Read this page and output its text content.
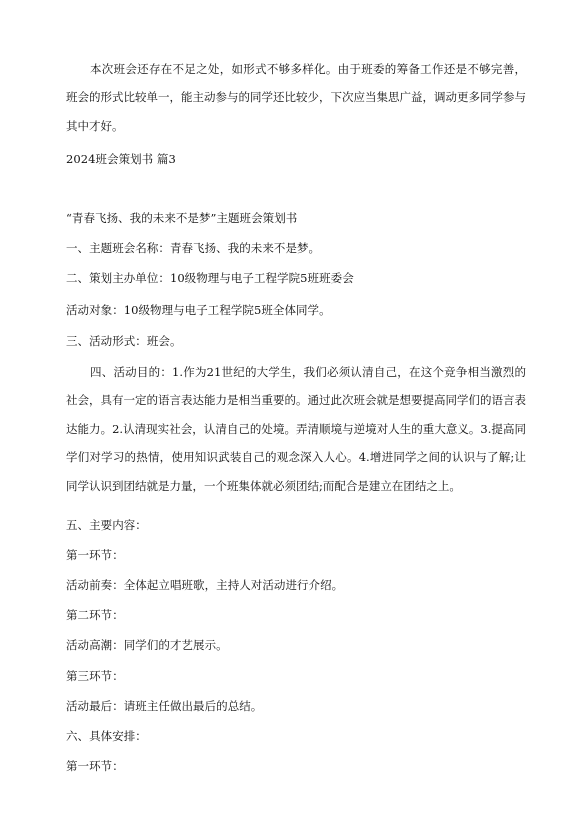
本次班会还存在不足之处，如形式不够多样化。由于班委的筹备工作还是不够完善，班会的形式比较单一，能主动参与的同学还比较少，下次应当集思广益，调动更多同学参与其中才好。
2024班会策划书 篇3
“青春飞扬、我的未来不是梦”主题班会策划书
一、主题班会名称：青春飞扬、我的未来不是梦。
二、策划主办单位：10级物理与电子工程学院5班班委会
活动对象：10级物理与电子工程学院5班全体同学。
三、活动形式：班会。
四、活动目的：1.作为21世纪的大学生，我们必须认清自己，在这个竞争相当激烈的社会，具有一定的语言表达能力是相当重要的。通过此次班会就是想要提高同学们的语言表达能力。2.认清现实社会，认清自己的处境。弄清顺境与逆境对人生的重大意义。3.提高同学们对学习的热情，使用知识武装自己的观念深入人心。4.增进同学之间的认识与了解;让同学认识到团结就是力量，一个班集体就必须团结;而配合是建立在团结之上。
五、主要内容：
第一环节：
活动前奏：全体起立唱班歌，主持人对活动进行介绍。
第二环节：
活动高潮：同学们的才艺展示。
第三环节：
活动最后：请班主任做出最后的总结。
六、具体安排：
第一环节：
